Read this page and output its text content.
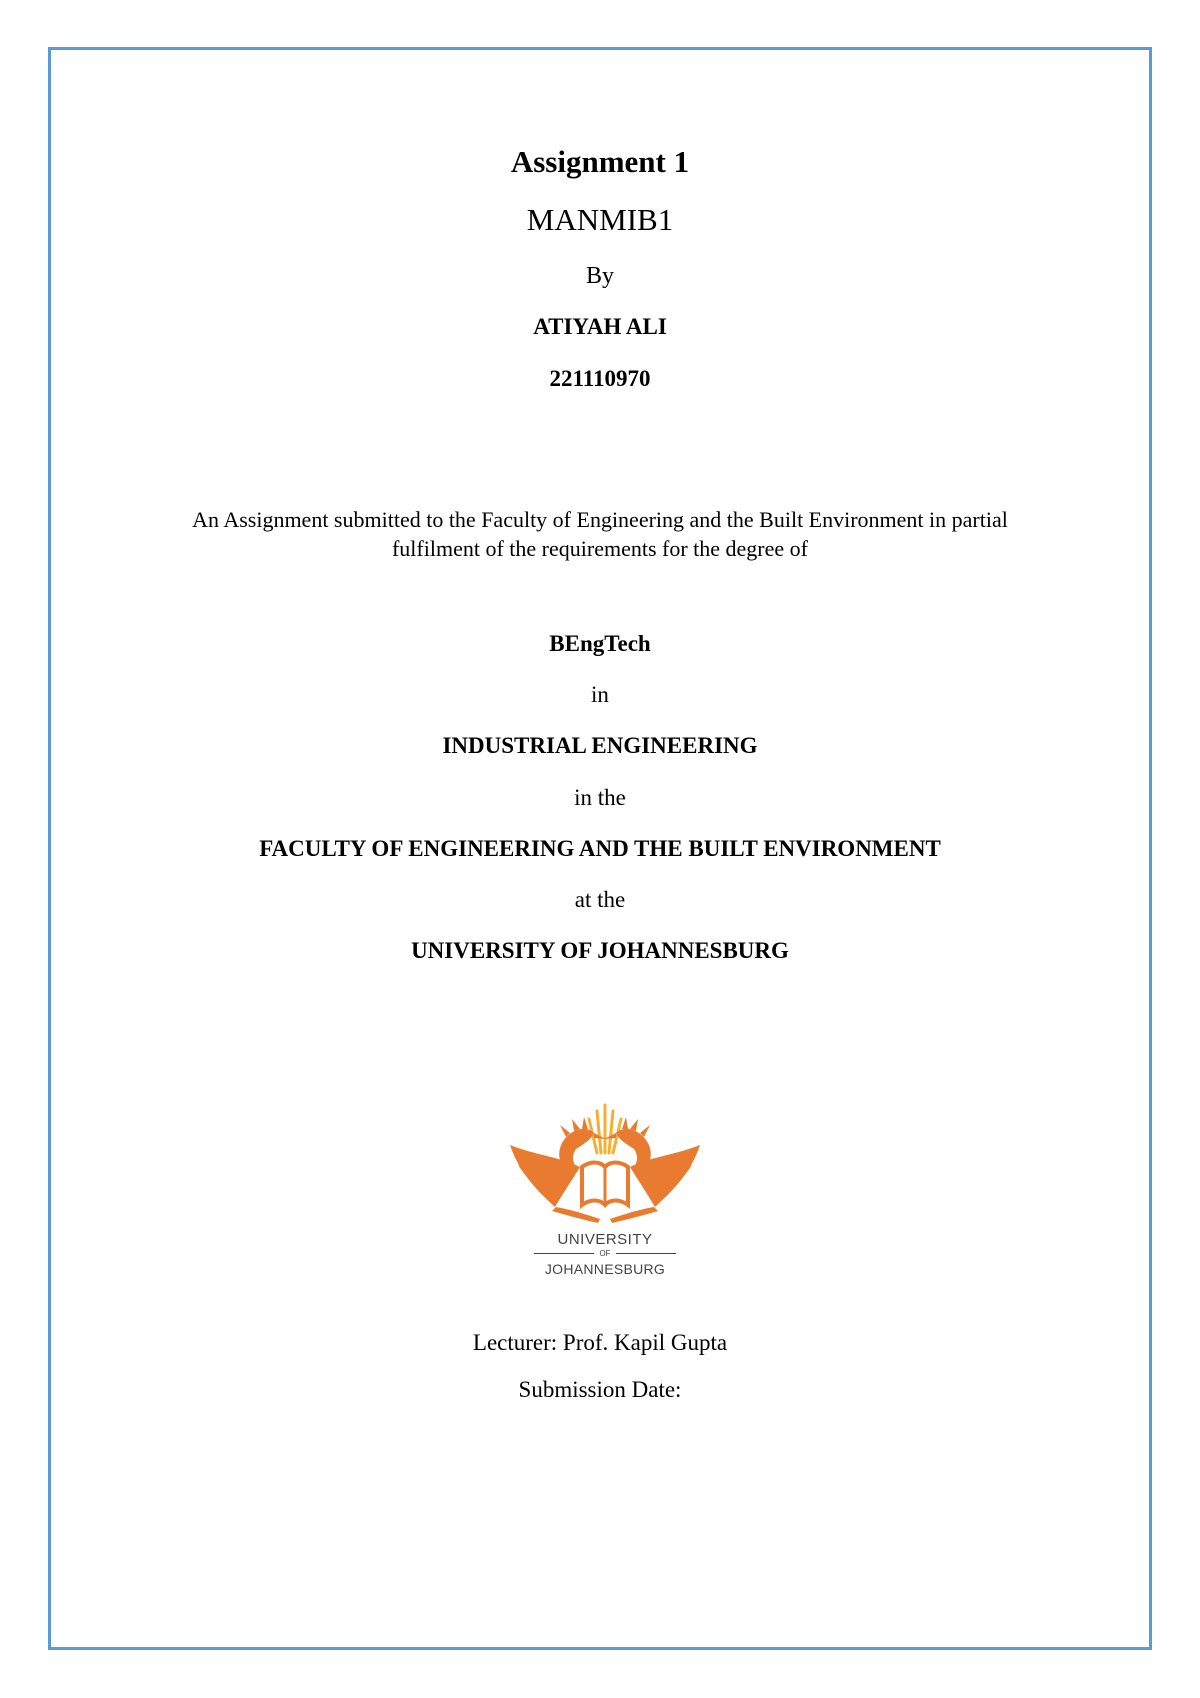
Assignment 1
MANMIB1
By
ATIYAH ALI
221110970
An Assignment submitted to the Faculty of Engineering and the Built Environment in partial
fulfilment of the requirements for the degree of
BEngTech
in
INDUSTRIAL ENGINEERING
in the
FACULTY OF ENGINEERING AND THE BUILT ENVIRONMENT
at the
UNIVERSITY OF JOHANNESBURG
UNIVERSITY
OF
JOHANNESBURG
Lecturer: Prof. Kapil Gupta
Submission Date:
